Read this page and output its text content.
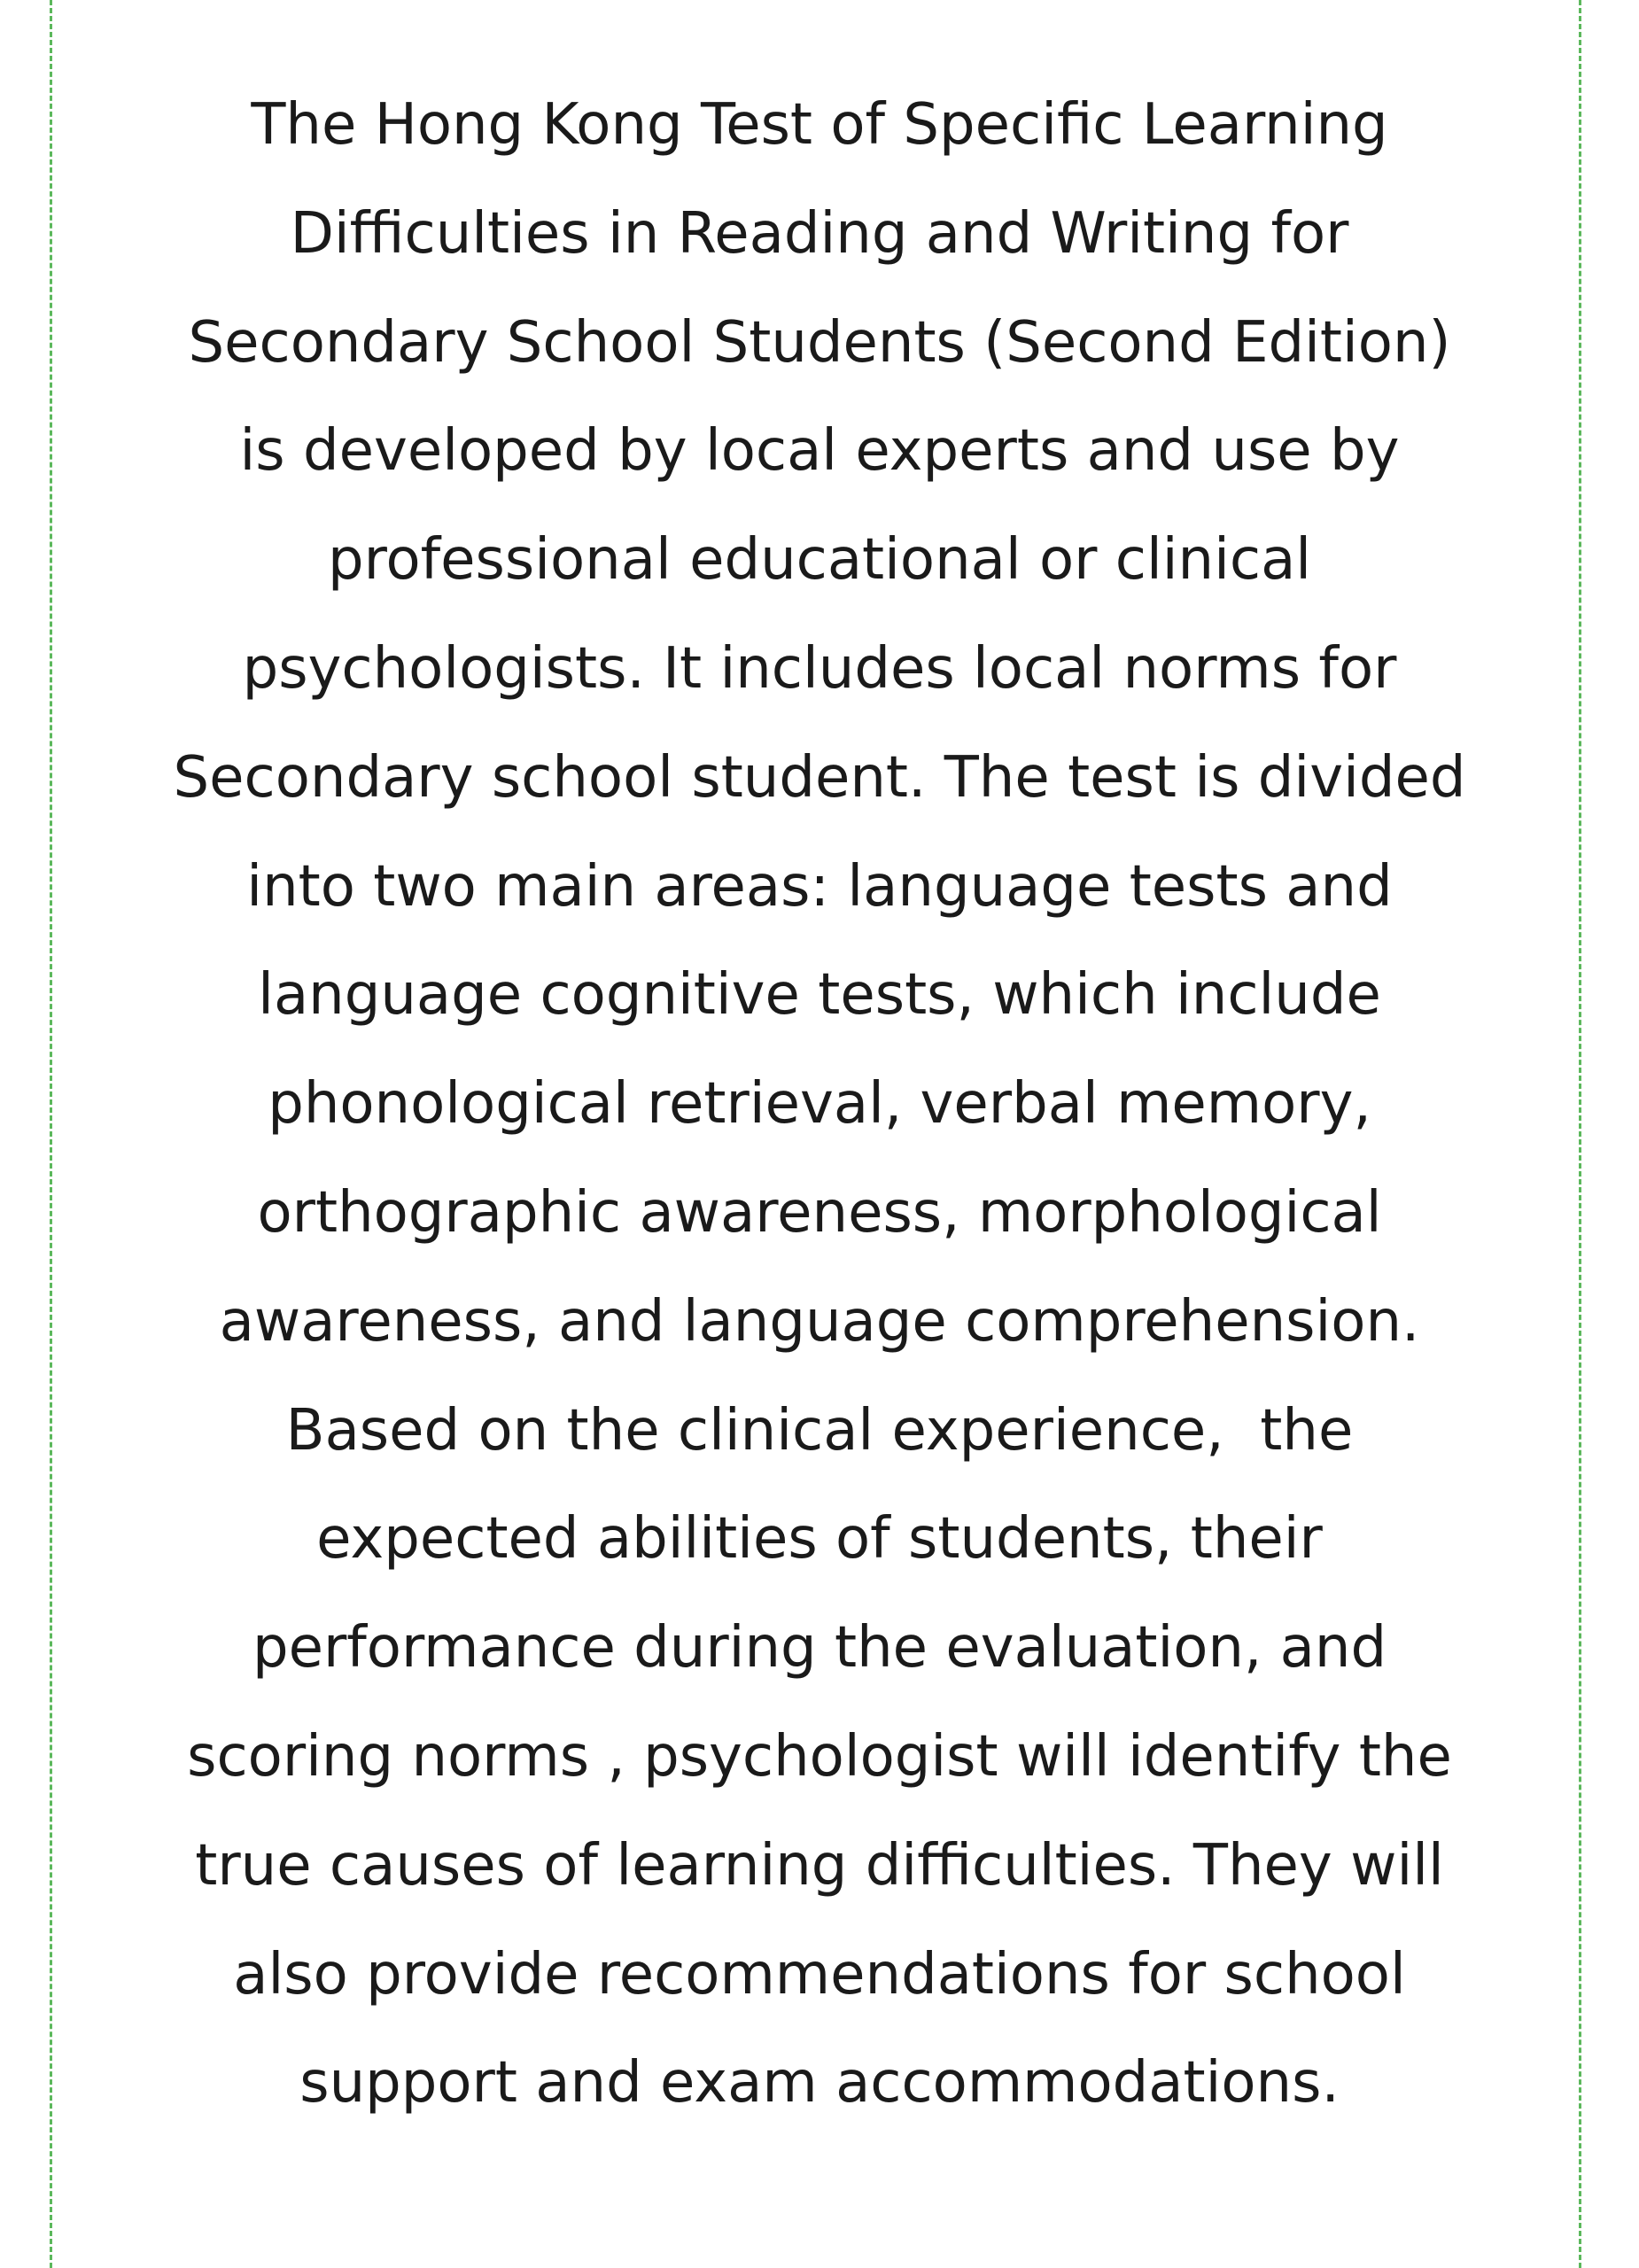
The Hong Kong Test of Specific Learning
Difficulties in Reading and Writing for
Secondary School Students (Second Edition)
is developed by local experts and use by
professional educational or clinical
psychologists. It includes local norms for
Secondary school student. The test is divided
into two main areas: language tests and
language cognitive tests, which include
phonological retrieval, verbal memory,
orthographic awareness, morphological
awareness, and language comprehension.
Based on the clinical experience,  the
expected abilities of students, their
performance during the evaluation, and
scoring norms , psychologist will identify the
true causes of learning difficulties. They will
also provide recommendations for school
support and exam accommodations.
